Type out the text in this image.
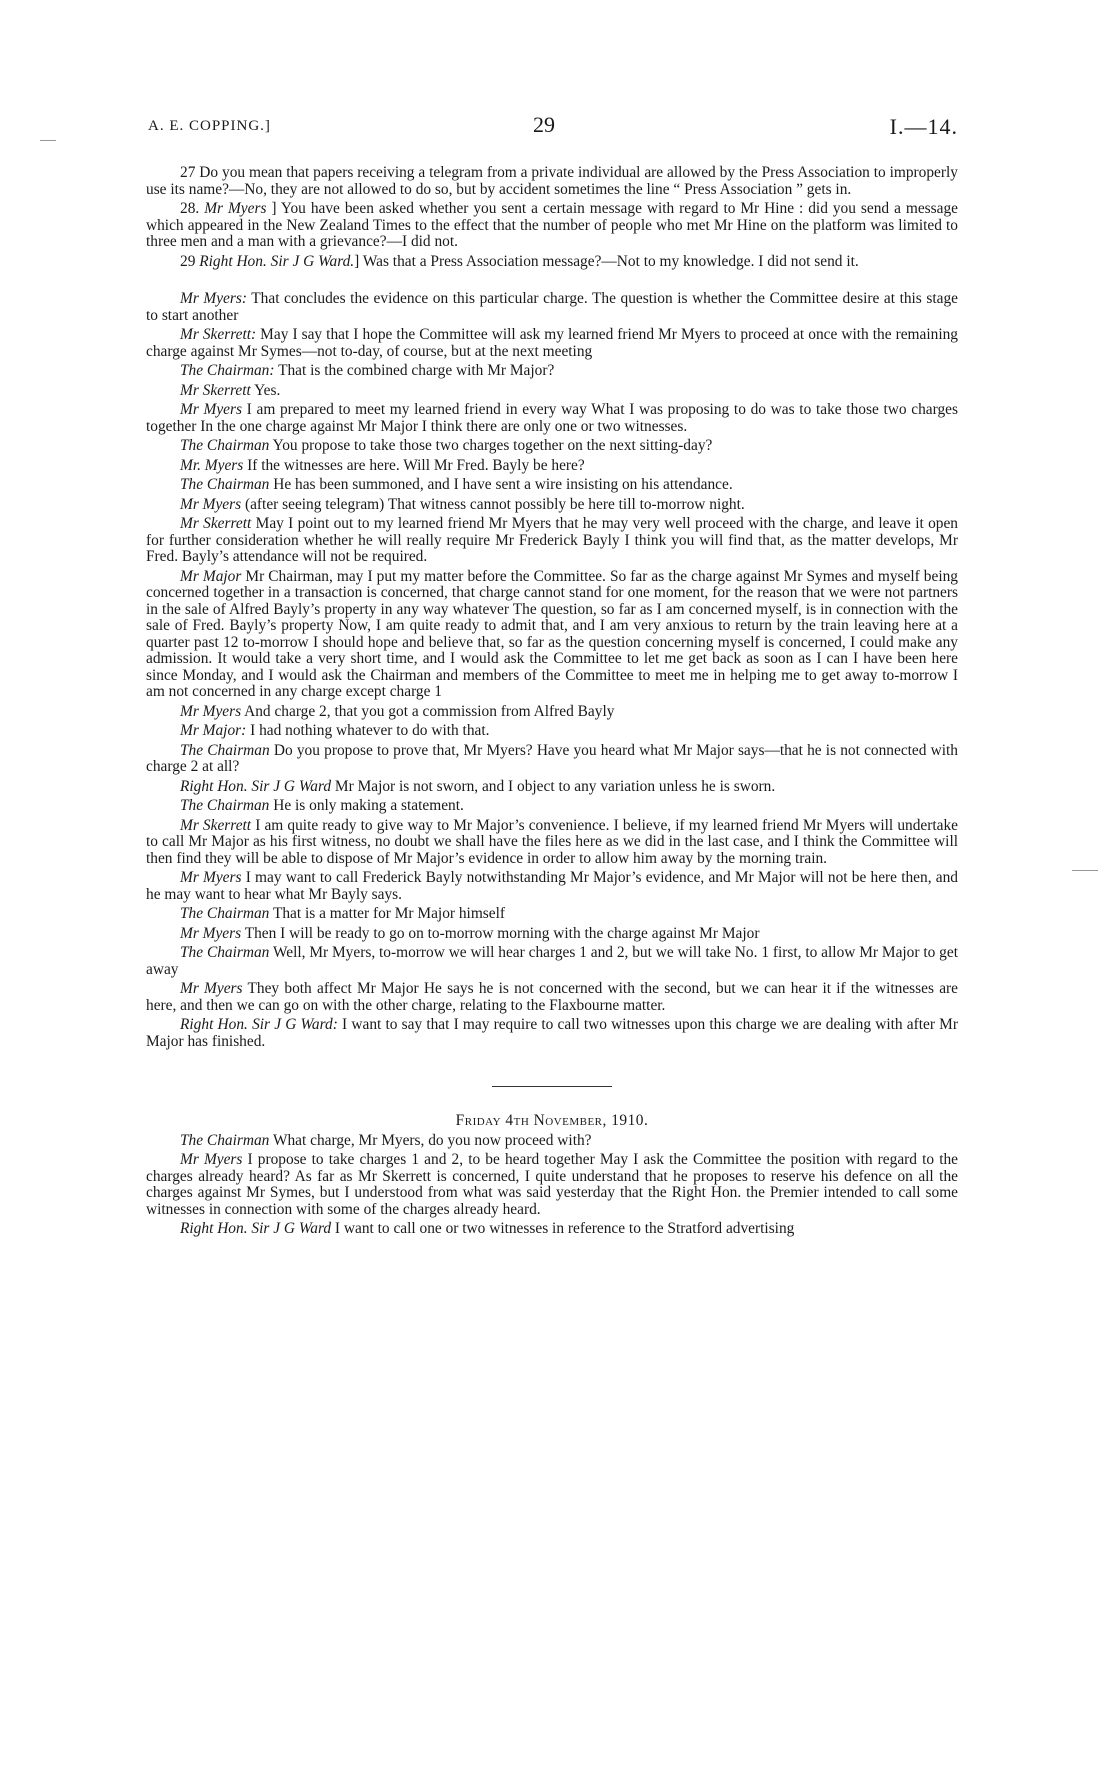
A. E. COPPING.]	29	I.—14.

27 Do you mean that papers receiving a telegram from a private individual are allowed by the Press Association to improperly use its name?—No, they are not allowed to do so, but by accident sometimes the line “ Press Association ” gets in.

28. Mr Myers ] You have been asked whether you sent a certain message with regard to Mr Hine : did you send a message which appeared in the New Zealand Times to the effect that the number of people who met Mr Hine on the platform was limited to three men and a man with a grievance?—I did not.

29 Right Hon. Sir J G Ward.] Was that a Press Association message?—Not to my knowledge. I did not send it.

Mr Myers: That concludes the evidence on this particular charge. The question is whether the Committee desire at this stage to start another

Mr Skerrett: May I say that I hope the Committee will ask my learned friend Mr Myers to proceed at once with the remaining charge against Mr Symes—not to-day, of course, but at the next meeting

The Chairman: That is the combined charge with Mr Major?

Mr Skerrett Yes.

Mr Myers I am prepared to meet my learned friend in every way What I was proposing to do was to take those two charges together In the one charge against Mr Major I think there are only one or two witnesses.

The Chairman You propose to take those two charges together on the next sitting-day?

Mr. Myers If the witnesses are here. Will Mr Fred. Bayly be here?

The Chairman He has been summoned, and I have sent a wire insisting on his attendance.

Mr Myers (after seeing telegram) That witness cannot possibly be here till to-morrow night.

Mr Skerrett May I point out to my learned friend Mr Myers that he may very well proceed with the charge, and leave it open for further consideration whether he will really require Mr Frederick Bayly I think you will find that, as the matter develops, Mr Fred. Bayly’s attendance will not be required.

Mr Major Mr Chairman, may I put my matter before the Committee. So far as the charge against Mr Symes and myself being concerned together in a transaction is concerned, that charge cannot stand for one moment, for the reason that we were not partners in the sale of Alfred Bayly’s property in any way whatever The question, so far as I am concerned myself, is in connection with the sale of Fred. Bayly’s property Now, I am quite ready to admit that, and I am very anxious to return by the train leaving here at a quarter past 12 to-morrow I should hope and believe that, so far as the question concerning myself is concerned, I could make any admission. It would take a very short time, and I would ask the Committee to let me get back as soon as I can I have been here since Monday, and I would ask the Chairman and members of the Committee to meet me in helping me to get away to-morrow I am not concerned in any charge except charge 1

Mr Myers And charge 2, that you got a commission from Alfred Bayly

Mr Major: I had nothing whatever to do with that.

The Chairman Do you propose to prove that, Mr Myers? Have you heard what Mr Major says—that he is not connected with charge 2 at all?

Right Hon. Sir J G Ward Mr Major is not sworn, and I object to any variation unless he is sworn.

The Chairman He is only making a statement.

Mr Skerrett I am quite ready to give way to Mr Major’s convenience. I believe, if my learned friend Mr Myers will undertake to call Mr Major as his first witness, no doubt we shall have the files here as we did in the last case, and I think the Committee will then find they will be able to dispose of Mr Major’s evidence in order to allow him away by the morning train.

Mr Myers I may want to call Frederick Bayly notwithstanding Mr Major’s evidence, and Mr Major will not be here then, and he may want to hear what Mr Bayly says.

The Chairman That is a matter for Mr Major himself

Mr Myers Then I will be ready to go on to-morrow morning with the charge against Mr Major

The Chairman Well, Mr Myers, to-morrow we will hear charges 1 and 2, but we will take No. 1 first, to allow Mr Major to get away

Mr Myers They both affect Mr Major He says he is not concerned with the second, but we can hear it if the witnesses are here, and then we can go on with the other charge, relating to the Flaxbourne matter.

Right Hon. Sir J G Ward: I want to say that I may require to call two witnesses upon this charge we are dealing with after Mr Major has finished.

Friday 4th November, 1910.

The Chairman What charge, Mr Myers, do you now proceed with?

Mr Myers I propose to take charges 1 and 2, to be heard together May I ask the Committee the position with regard to the charges already heard? As far as Mr Skerrett is concerned, I quite understand that he proposes to reserve his defence on all the charges against Mr Symes, but I understood from what was said yesterday that the Right Hon. the Premier intended to call some witnesses in connection with some of the charges already heard.

Right Hon. Sir J G Ward I want to call one or two witnesses in reference to the Stratford advertising
